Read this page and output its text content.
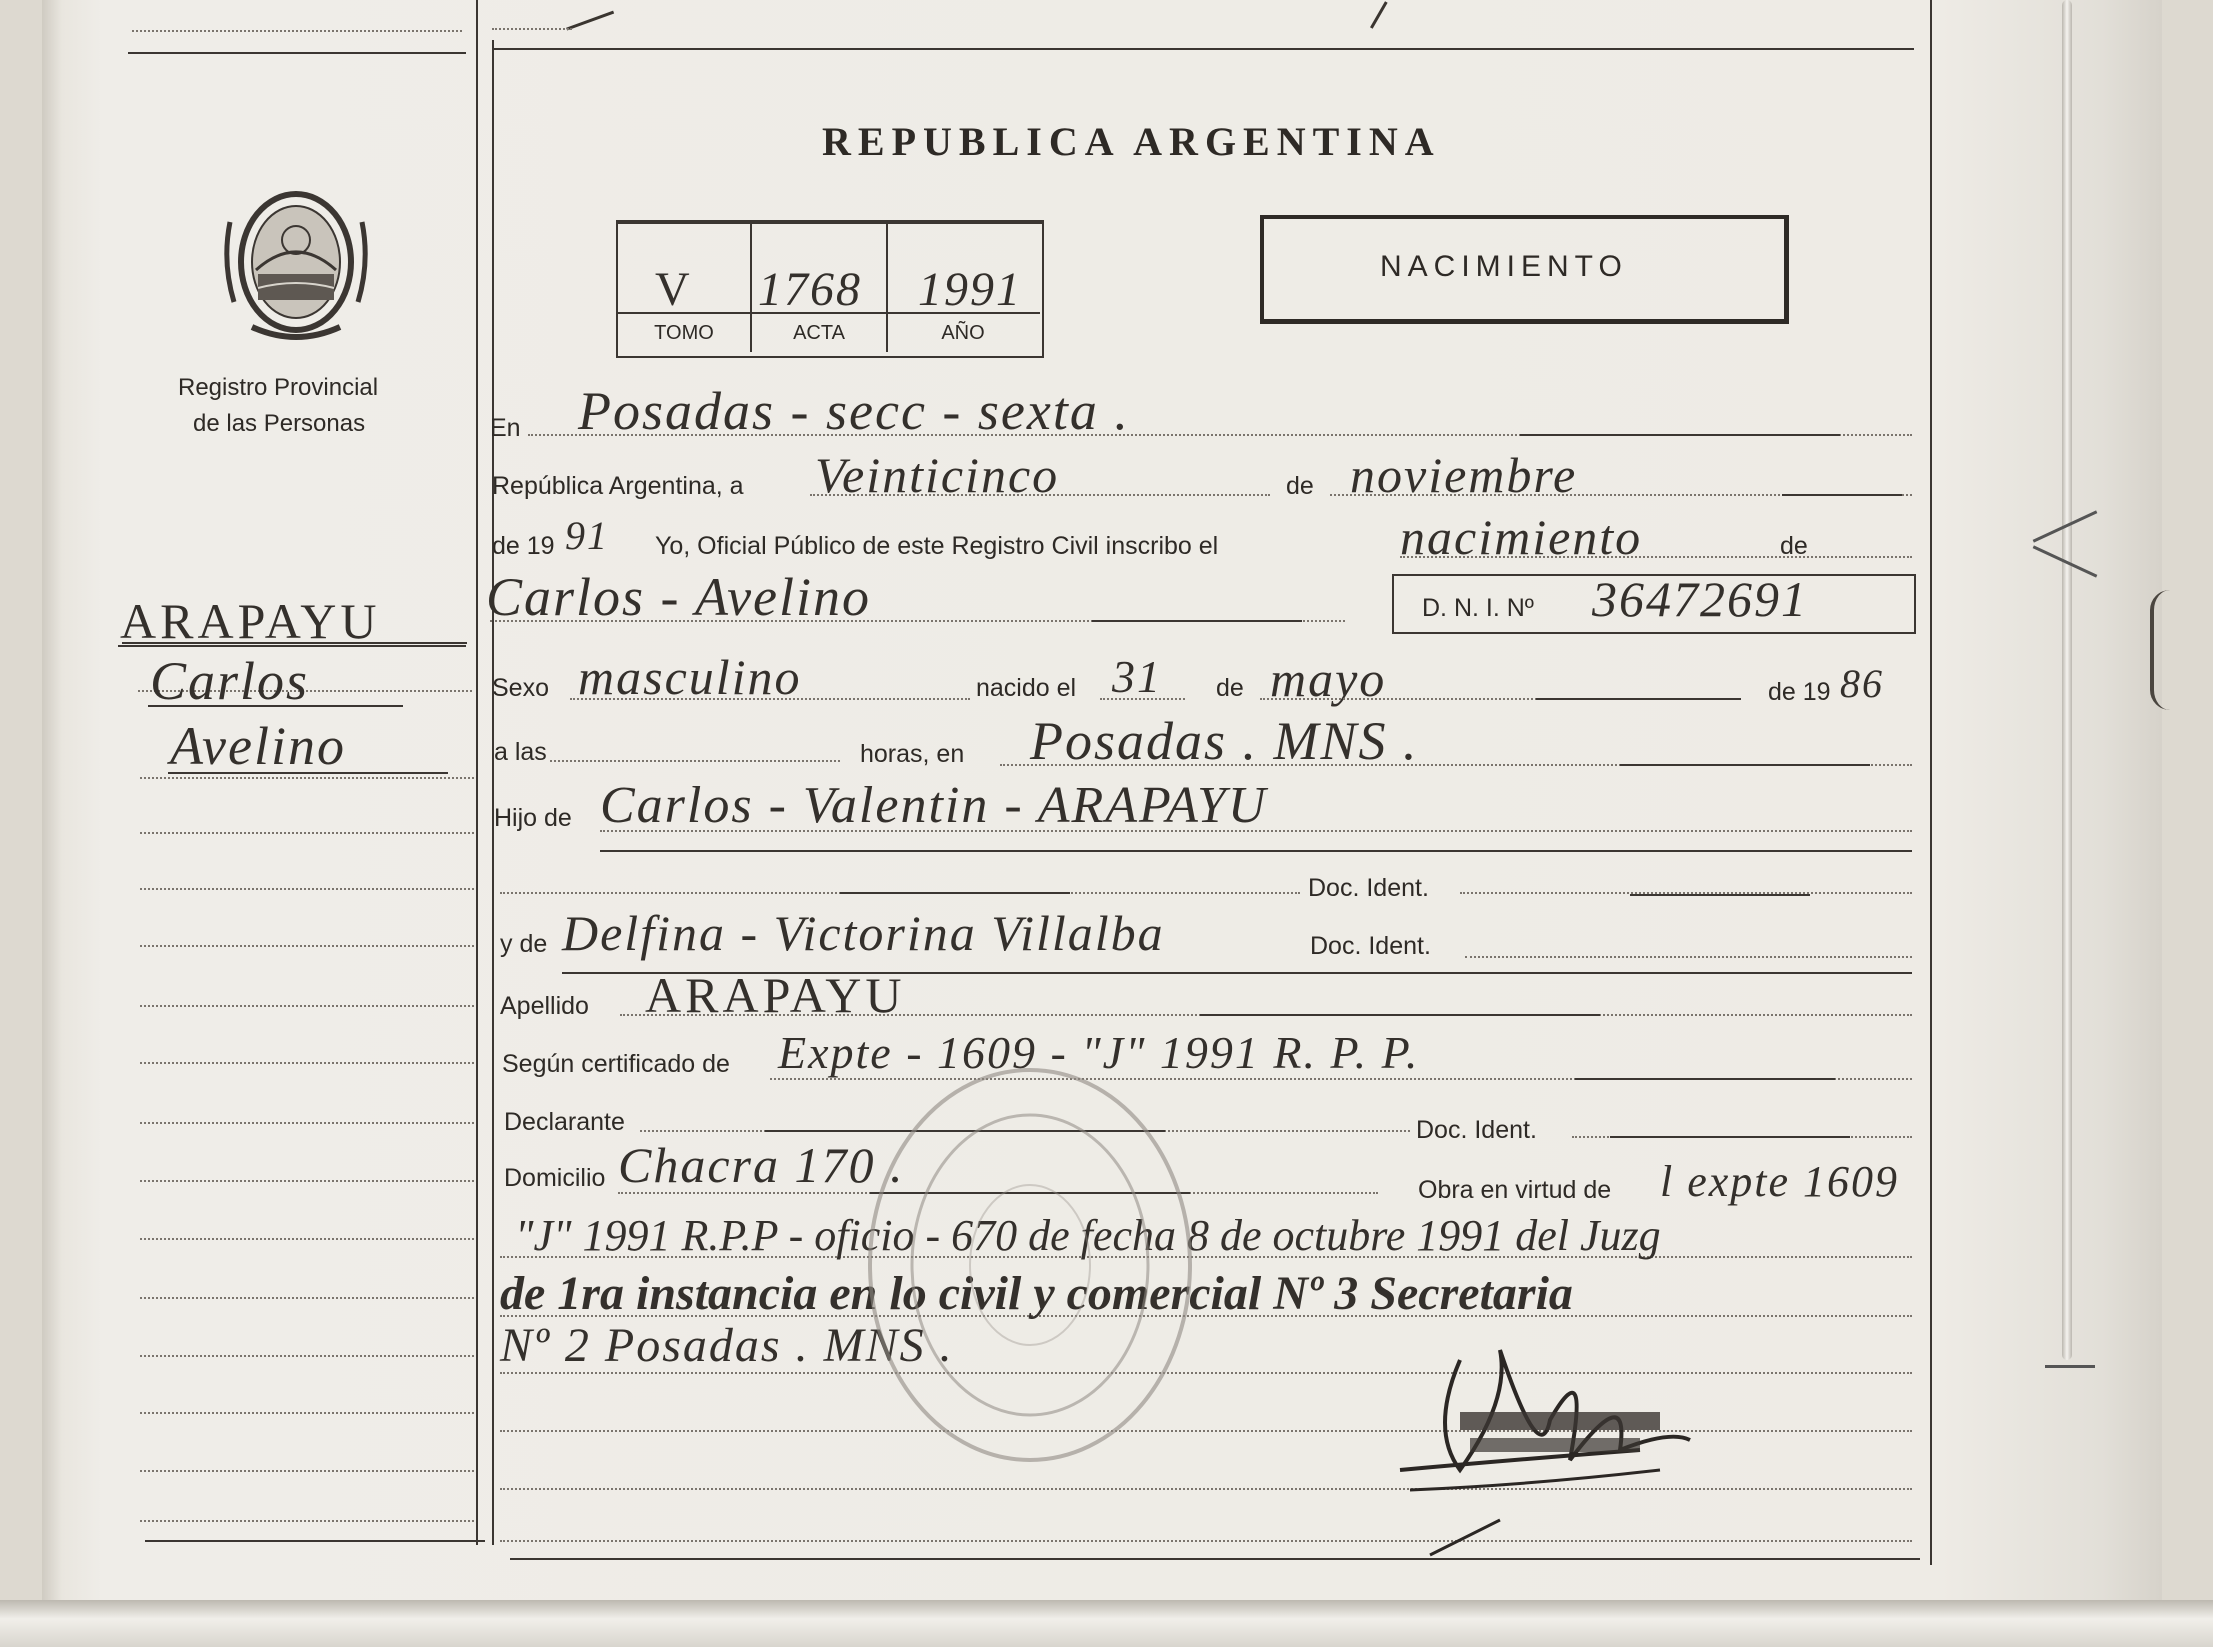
Registro Provincial
de las Personas
ARAPAYU
Carlos
Avelino
REPUBLICA ARGENTINA
V 1768 1991
TOMO	ACTA	AÑO
NACIMIENTO
En Posadas - secc - sexta .
República Argentina, a Veinticinco	de noviembre
de 19 91 Yo, Oficial Público de este Registro Civil inscribo el	nacimiento	de
Carlos - Avelino	D. N. I. Nº 36472691
Sexo masculino	nacido el 31 de mayo	de 19 86
a las	horas, en Posadas . MNS .
Hijo de Carlos - Valentin - ARAPAYU
Doc. Ident.
y de Delfina - Victorina Villalba	Doc. Ident.
Apellido ARAPAYU
Según certificado de Expte - 1609 - "J" 1991 R. P. P.
Declarante	Doc. Ident.
Domicilio Chacra 170 .	Obra en virtud de l expte 1609
"J" 1991 R.P.P - oficio - 670 de fecha 8 de octubre 1991 del Juzg
de 1ra instancia en lo civil y comercial Nº 3 Secretaria
Nº 2 Posadas . MNS .
